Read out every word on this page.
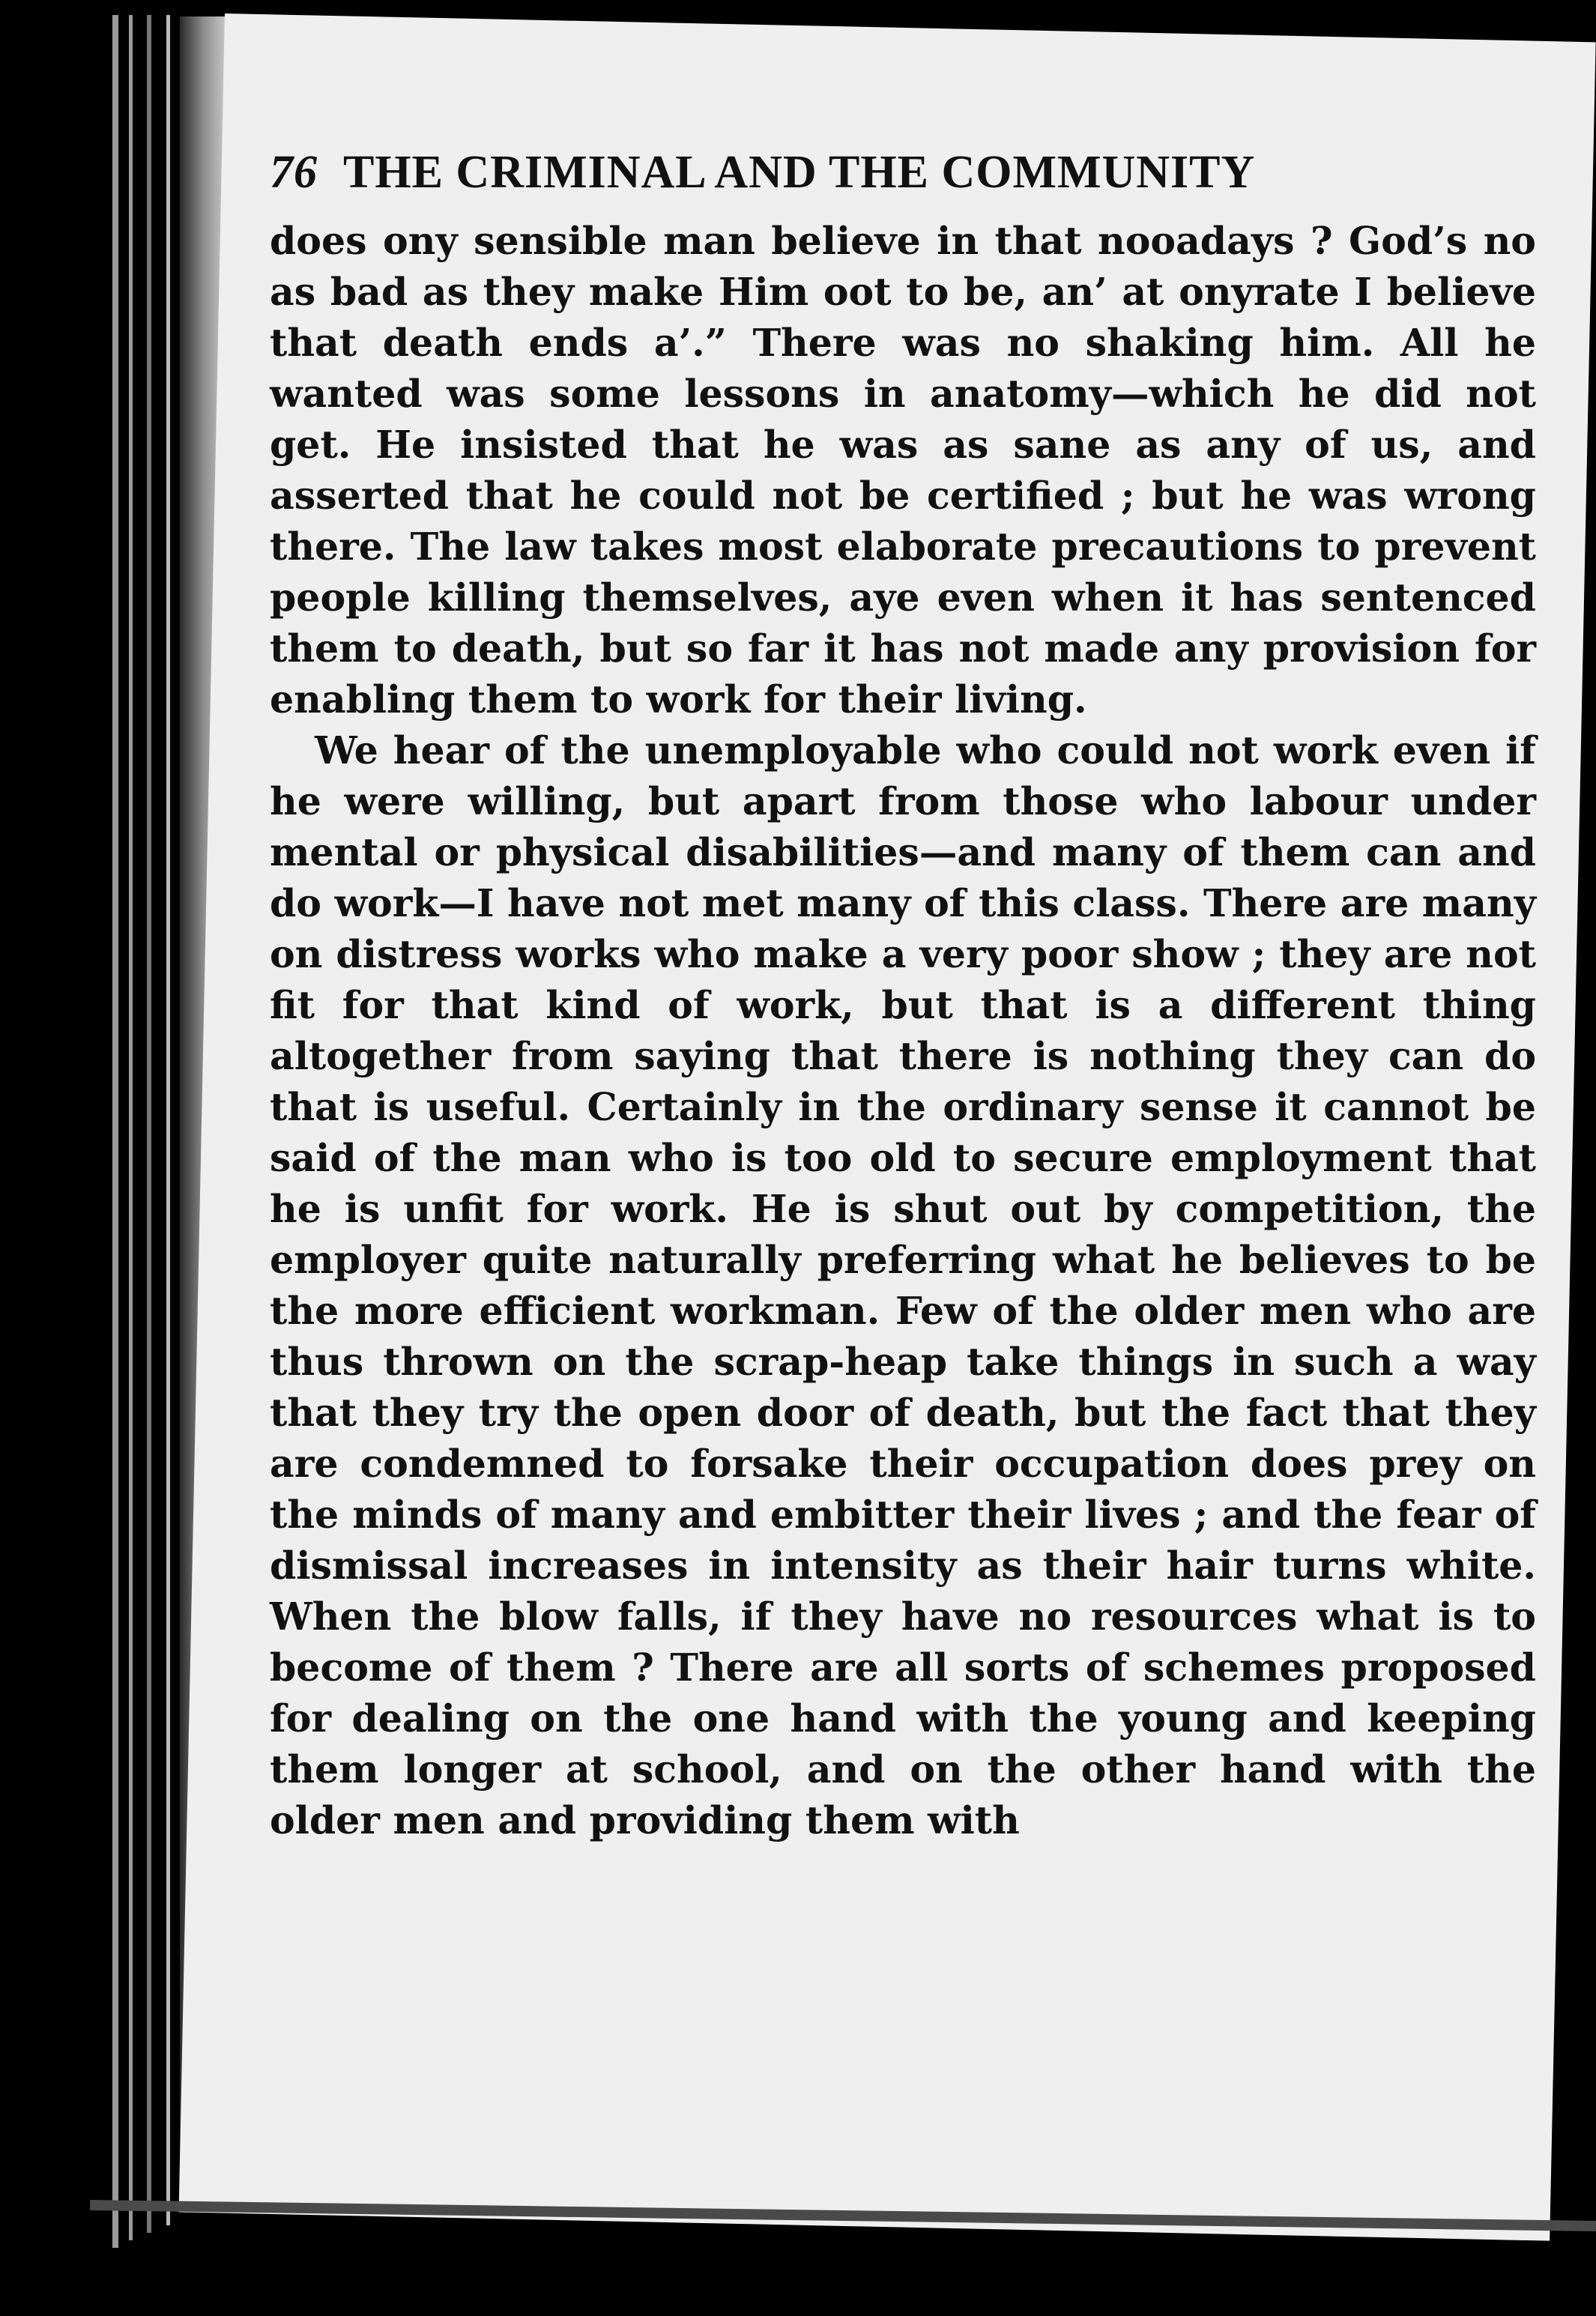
76 THE CRIMINAL AND THE COMMUNITY

does ony sensible man believe in that nooadays ? God’s no as bad as they make Him oot to be, an’ at onyrate I believe that death ends a’.” There was no shaking him. All he wanted was some lessons in anatomy—which he did not get. He insisted that he was as sane as any of us, and asserted that he could not be certified ; but he was wrong there. The law takes most elaborate precautions to prevent people killing themselves, aye even when it has sentenced them to death, but so far it has not made any provision for enabling them to work for their living.

We hear of the unemployable who could not work even if he were willing, but apart from those who labour under mental or physical disabilities—and many of them can and do work—I have not met many of this class. There are many on distress works who make a very poor show ; they are not fit for that kind of work, but that is a different thing altogether from saying that there is nothing they can do that is useful. Certainly in the ordinary sense it cannot be said of the man who is too old to secure employment that he is unfit for work. He is shut out by competition, the employer quite naturally preferring what he believes to be the more efficient workman. Few of the older men who are thus thrown on the scrap-heap take things in such a way that they try the open door of death, but the fact that they are condemned to forsake their occupation does prey on the minds of many and embitter their lives ; and the fear of dismissal increases in intensity as their hair turns white. When the blow falls, if they have no resources what is to become of them ? There are all sorts of schemes proposed for dealing on the one hand with the young and keeping them longer at school, and on the other hand with the older men and providing them with
